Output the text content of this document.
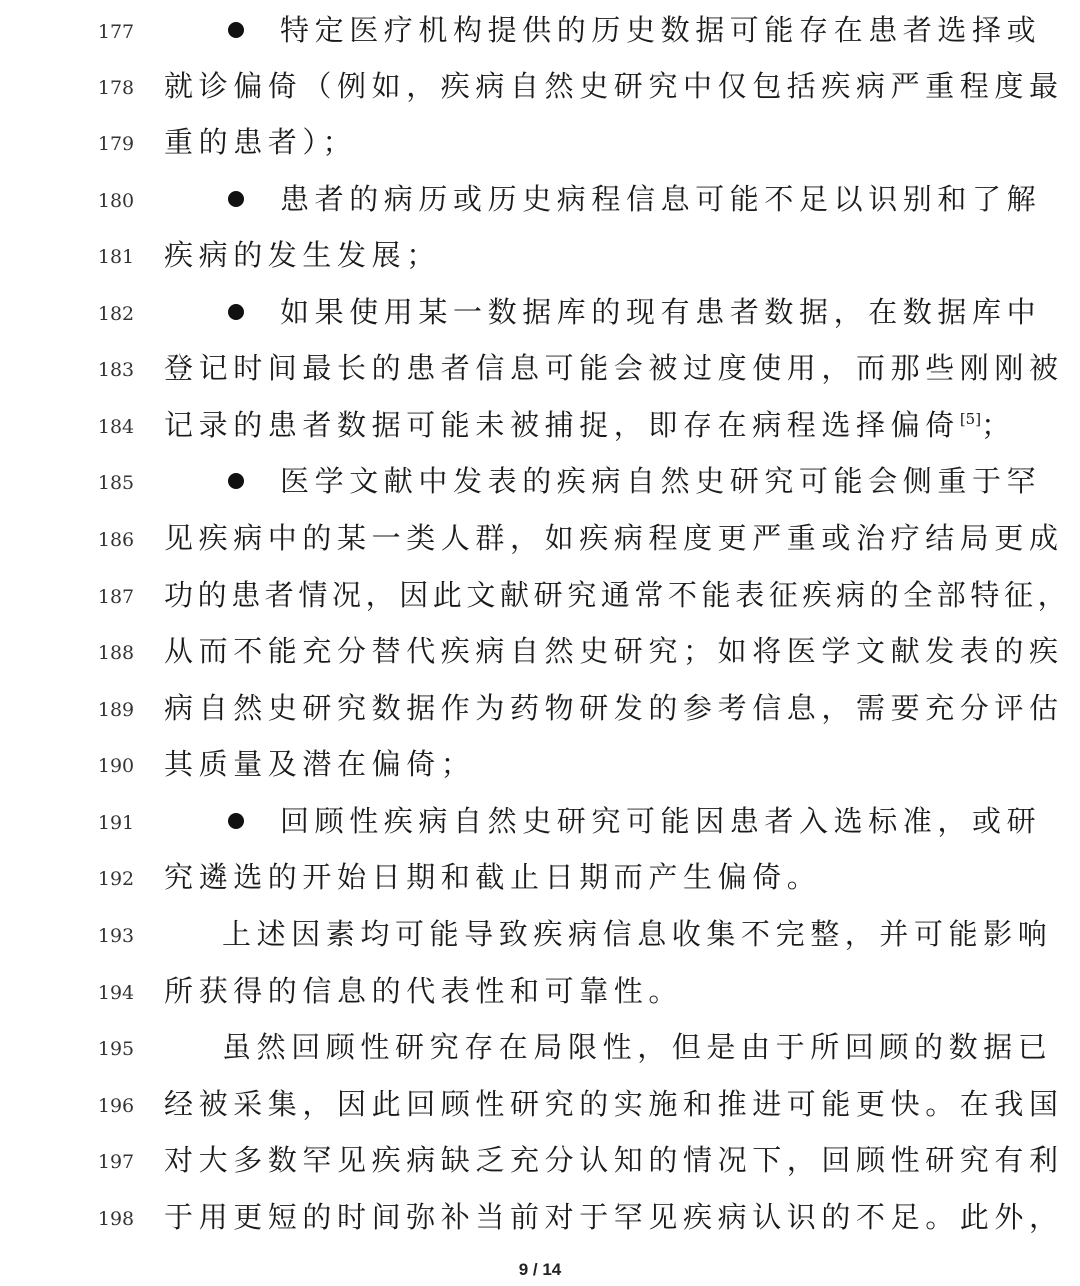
177	特定医疗机构提供的历史数据可能存在患者选择或
178	就诊偏倚（例如，疾病自然史研究中仅包括疾病严重程度最
179	重的患者）；
180	患者的病历或历史病程信息可能不足以识别和了解
181	疾病的发生发展；
182	如果使用某一数据库的现有患者数据，在数据库中
183	登记时间最长的患者信息可能会被过度使用，而那些刚刚被
184	记录的患者数据可能未被捕捉，即存在病程选择偏倚[5]；
185	医学文献中发表的疾病自然史研究可能会侧重于罕
186	见疾病中的某一类人群，如疾病程度更严重或治疗结局更成
187	功的患者情况，因此文献研究通常不能表征疾病的全部特征，
188	从而不能充分替代疾病自然史研究；如将医学文献发表的疾
189	病自然史研究数据作为药物研发的参考信息，需要充分评估
190	其质量及潜在偏倚；
191	回顾性疾病自然史研究可能因患者入选标准，或研
192	究遴选的开始日期和截止日期而产生偏倚。
193	上述因素均可能导致疾病信息收集不完整，并可能影响
194	所获得的信息的代表性和可靠性。
195	虽然回顾性研究存在局限性，但是由于所回顾的数据已
196	经被采集，因此回顾性研究的实施和推进可能更快。在我国
197	对大多数罕见疾病缺乏充分认知的情况下，回顾性研究有利
198	于用更短的时间弥补当前对于罕见疾病认识的不足。此外，
9 / 14
